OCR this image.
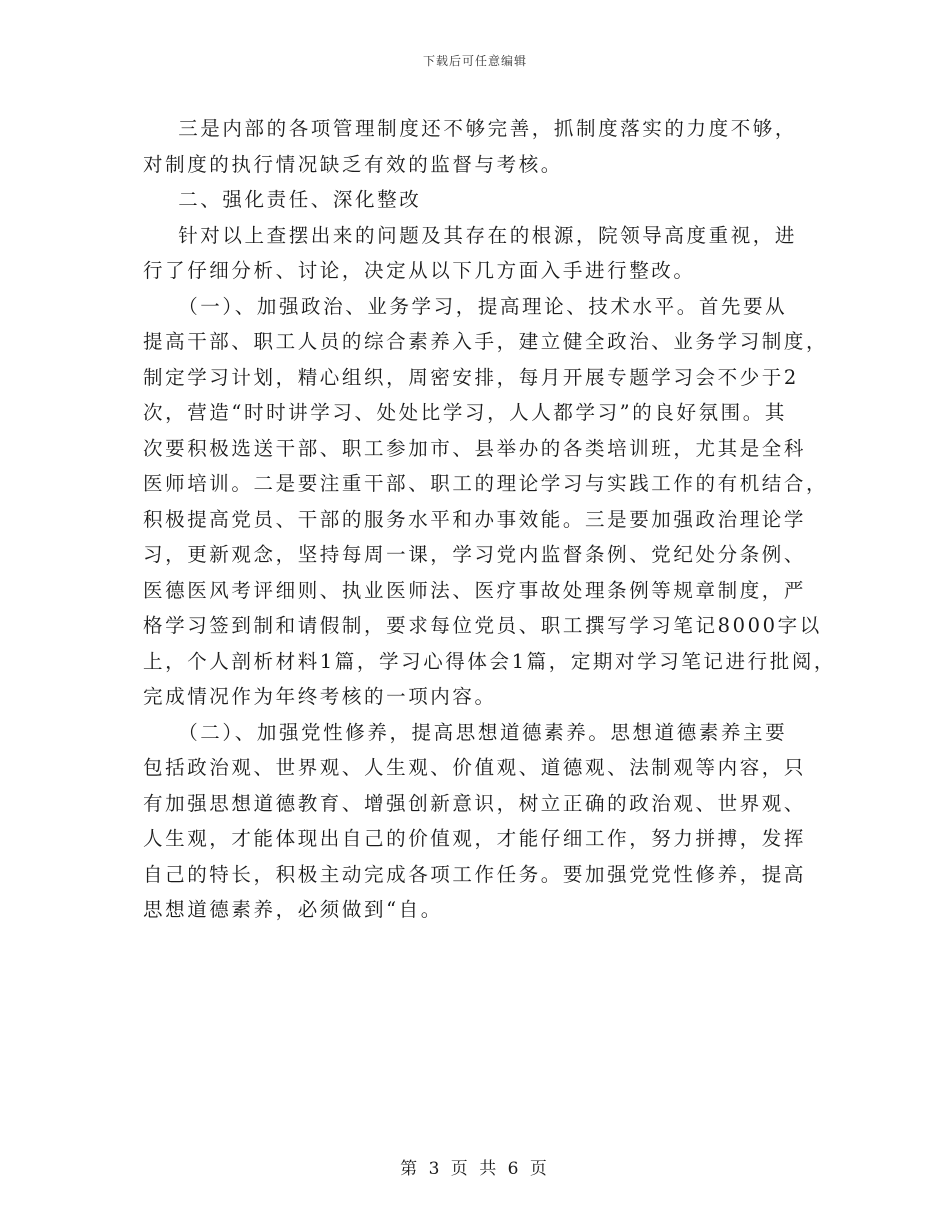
下载后可任意编辑
三是内部的各项管理制度还不够完善，抓制度落实的力度不够，
对制度的执行情况缺乏有效的监督与考核。
二、强化责任、深化整改
针对以上查摆出来的问题及其存在的根源，院领导高度重视，进
行了仔细分析、讨论，决定从以下几方面入手进行整改。
（一）、加强政治、业务学习，提高理论、技术水平。首先要从
提高干部、职工人员的综合素养入手，建立健全政治、业务学习制度，
制定学习计划，精心组织，周密安排，每月开展专题学习会不少于2
次，营造“时时讲学习、处处比学习，人人都学习”的良好氛围。其
次要积极选送干部、职工参加市、县举办的各类培训班，尤其是全科
医师培训。二是要注重干部、职工的理论学习与实践工作的有机结合，
积极提高党员、干部的服务水平和办事效能。三是要加强政治理论学
习，更新观念，坚持每周一课，学习党内监督条例、党纪处分条例、
医德医风考评细则、执业医师法、医疗事故处理条例等规章制度，严
格学习签到制和请假制，要求每位党员、职工撰写学习笔记8000字以
上，个人剖析材料1篇，学习心得体会1篇，定期对学习笔记进行批阅，
完成情况作为年终考核的一项内容。
（二）、加强党性修养，提高思想道德素养。思想道德素养主要
包括政治观、世界观、人生观、价值观、道德观、法制观等内容，只
有加强思想道德教育、增强创新意识，树立正确的政治观、世界观、
人生观，才能体现出自己的价值观，才能仔细工作，努力拼搏，发挥
自己的特长，积极主动完成各项工作任务。要加强党党性修养，提高
思想道德素养，必须做到“自。
第 3 页 共 6 页
